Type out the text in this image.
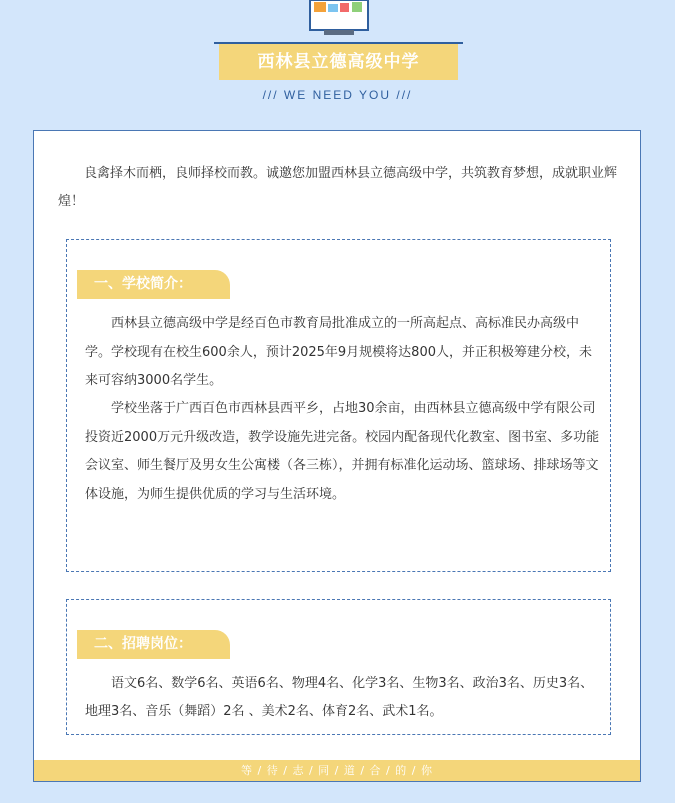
西林县立德高级中学
/// WE NEED YOU ///
良禽择木而栖，良师择校而教。诚邀您加盟西林县立德高级中学，共筑教育梦想，成就职业辉煌！
一、学校简介：

西林县立德高级中学是经百色市教育局批准成立的一所高起点、高标准民办高级中学。学校现有在校生600余人，预计2025年9月规模将达800人，并正积极筹建分校，未来可容纳3000名学生。

学校坐落于广西百色市西林县西平乡，占地30余亩，由西林县立德高级中学有限公司投资近2000万元升级改造，教学设施先进完备。校园内配备现代化教室、图书室、多功能会议室、师生餐厅及男女生公寓楼（各三栋），并拥有标准化运动场、篮球场、排球场等文体设施，为师生提供优质的学习与生活环境。

二、招聘岗位：

语文6名、数学6名、英语6名、物理4名、化学3名、生物3名、政治3名、历史3名、地理3名、音乐（舞蹈）2名 、美术2名、体育2名、武术1名。

等 / 待 / 志 / 同 / 道 / 合 / 的 / 你
